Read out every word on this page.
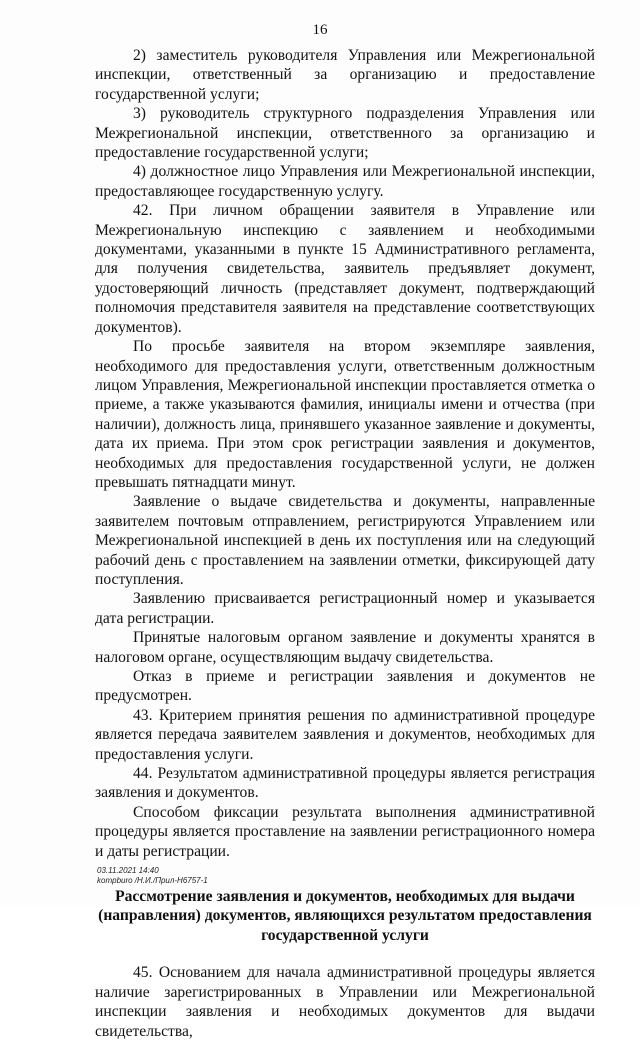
16

2) заместитель руководителя Управления или Межрегиональной инспекции, ответственный за организацию и предоставление государственной услуги;

3) руководитель структурного подразделения Управления или Межрегиональной инспекции, ответственного за организацию и предоставление государственной услуги;

4) должностное лицо Управления или Межрегиональной инспекции, предоставляющее государственную услугу.

42. При личном обращении заявителя в Управление или Межрегиональную инспекцию с заявлением и необходимыми документами, указанными в пункте 15 Административного регламента, для получения свидетельства, заявитель предъявляет документ, удостоверяющий личность (представляет документ, подтверждающий полномочия представителя заявителя на представление соответствующих документов).

По просьбе заявителя на втором экземпляре заявления, необходимого для предоставления услуги, ответственным должностным лицом Управления, Межрегиональной инспекции проставляется отметка о приеме, а также указываются фамилия, инициалы имени и отчества (при наличии), должность лица, принявшего указанное заявление и документы, дата их приема. При этом срок регистрации заявления и документов, необходимых для предоставления государственной услуги, не должен превышать пятнадцати минут.

Заявление о выдаче свидетельства и документы, направленные заявителем почтовым отправлением, регистрируются Управлением или Межрегиональной инспекцией в день их поступления или на следующий рабочий день с проставлением на заявлении отметки, фиксирующей дату поступления.

Заявлению присваивается регистрационный номер и указывается дата регистрации.

Принятые налоговым органом заявление и документы хранятся в налоговом органе, осуществляющим выдачу свидетельства.

Отказ в приеме и регистрации заявления и документов не предусмотрен.

43. Критерием принятия решения по административной процедуре является передача заявителем заявления и документов, необходимых для предоставления услуги.

44. Результатом административной процедуры является регистрация заявления и документов.

Способом фиксации результата выполнения административной процедуры является проставление на заявлении регистрационного номера и даты регистрации.

Рассмотрение заявления и документов, необходимых для выдачи (направления) документов, являющихся результатом предоставления государственной услуги

45. Основанием для начала административной процедуры является наличие зарегистрированных в Управлении или Межрегиональной инспекции заявления и необходимых документов для выдачи свидетельства,

03.11.2021 14:40
kompburo /Н.И./Прил-Н6757-1
